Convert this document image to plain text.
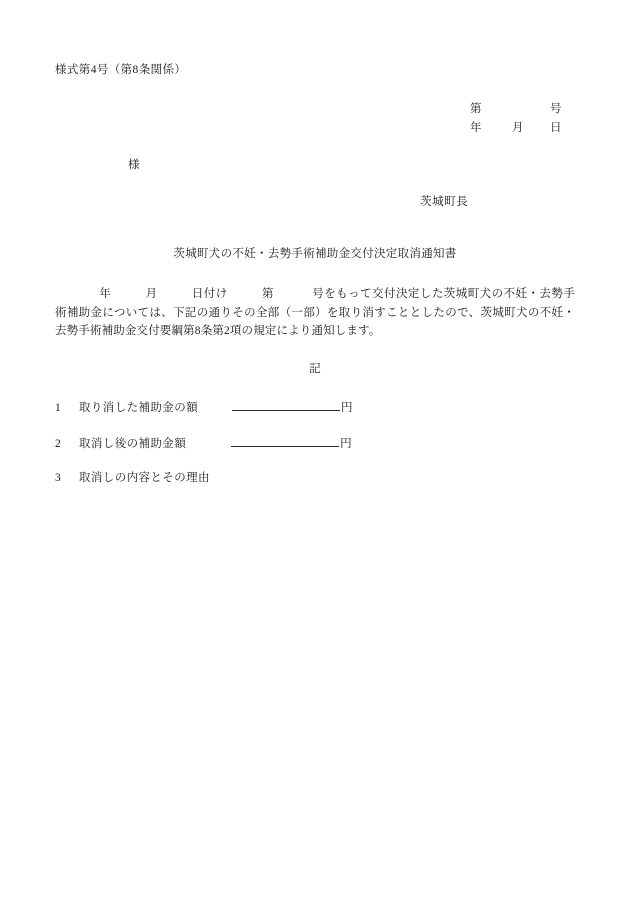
様式第4号（第8条関係）
第	号
年	月	日
様
茨城町長
茨城町犬の不妊・去勢手術補助金交付決定取消通知書
年	月	日付け	第	号をもって交付決定した茨城町犬の不妊・去勢手術補助金については、下記の通りその全部（一部）を取り消すこととしたので、茨城町犬の不妊・去勢手術補助金交付要綱第8条第2項の規定により通知します。
記
1	取り消した補助金の額	円
2	取消し後の補助金額	円
3	取消しの内容とその理由
